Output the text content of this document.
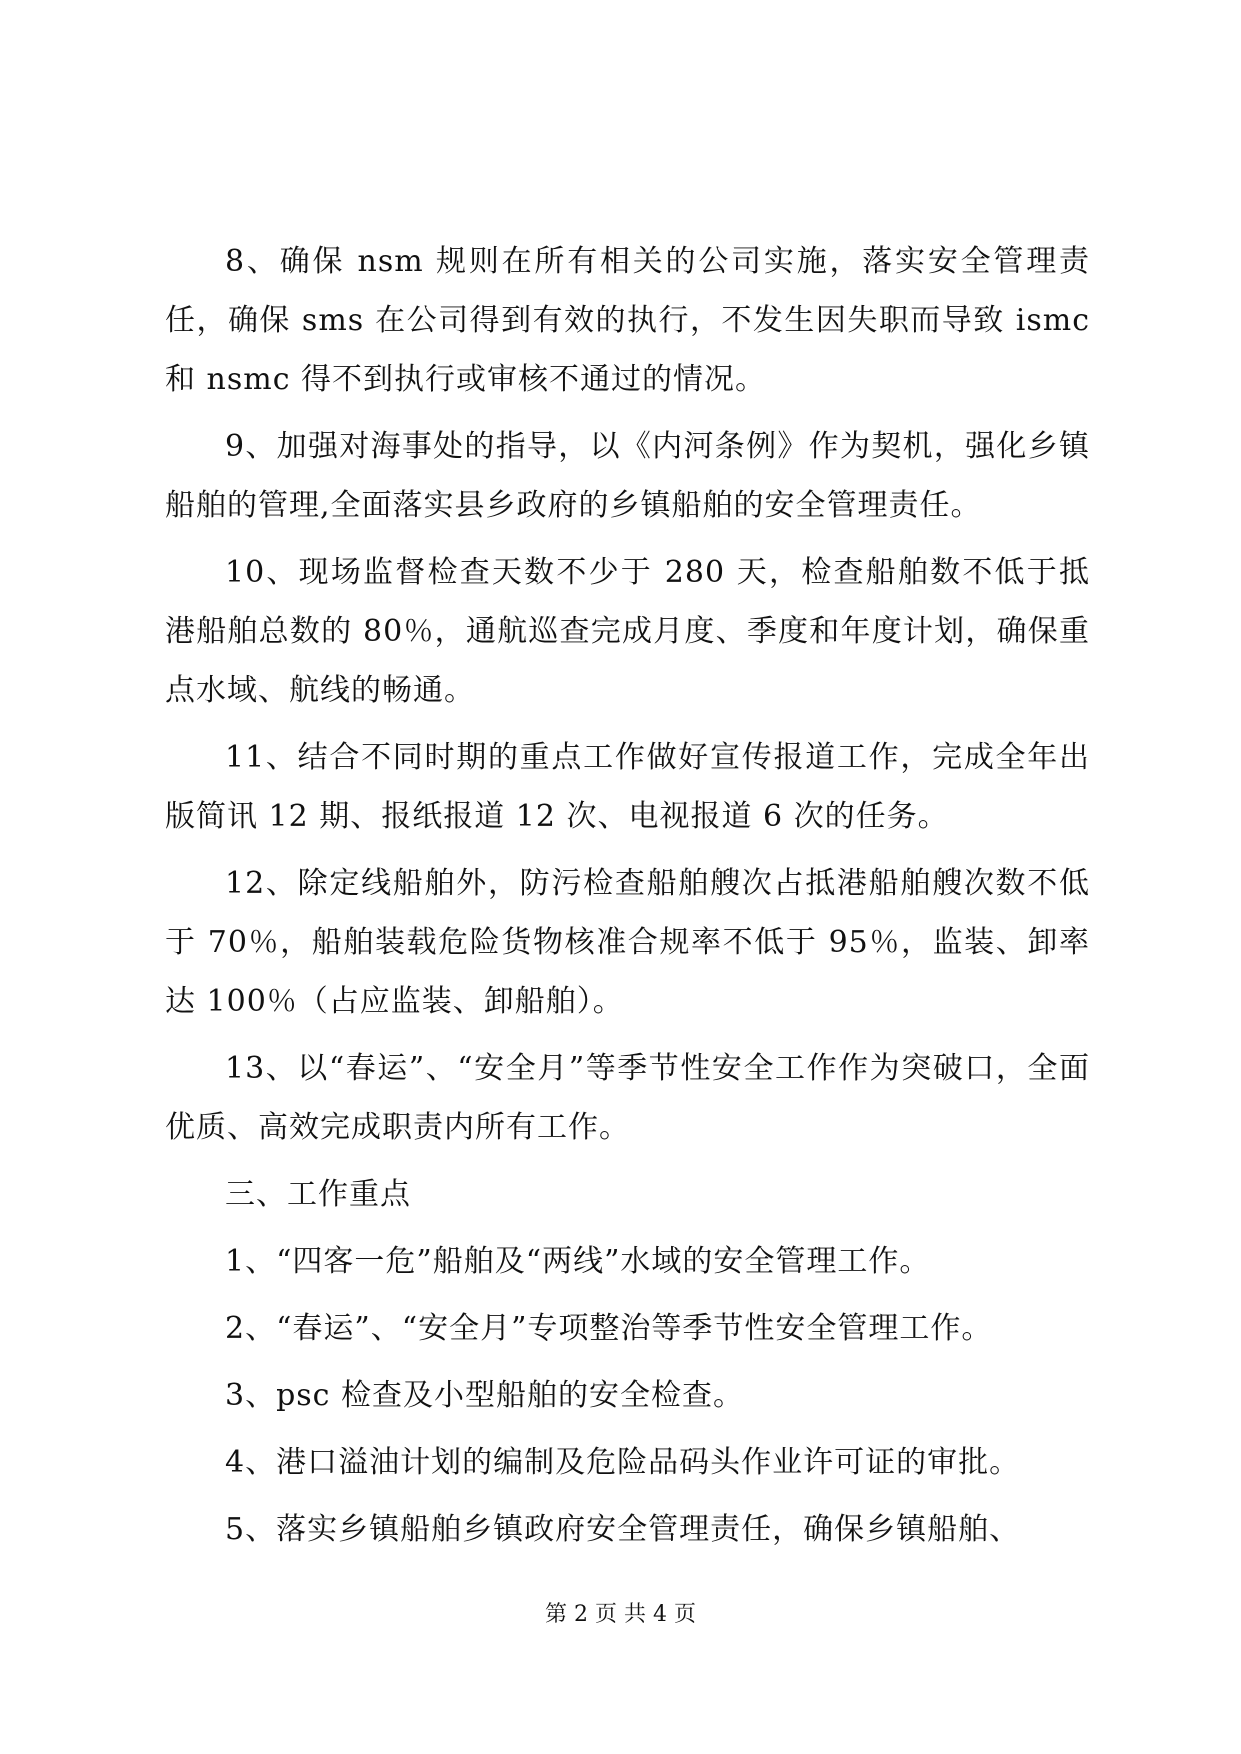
8、确保 nsm 规则在所有相关的公司实施，落实安全管理责任，确保 sms 在公司得到有效的执行，不发生因失职而导致 ismc 和 nsmc 得不到执行或审核不通过的情况。

9、加强对海事处的指导，以《内河条例》作为契机，强化乡镇船舶的管理,全面落实县乡政府的乡镇船舶的安全管理责任。

10、现场监督检查天数不少于 280 天，检查船舶数不低于抵港船舶总数的 80％，通航巡查完成月度、季度和年度计划，确保重点水域、航线的畅通。

11、结合不同时期的重点工作做好宣传报道工作，完成全年出版简讯 12 期、报纸报道 12 次、电视报道 6 次的任务。

12、除定线船舶外，防污检查船舶艘次占抵港船舶艘次数不低于 70％，船舶装载危险货物核准合规率不低于 95％，监装、卸率达 100％（占应监装、卸船舶）。

13、以“春运”、“安全月”等季节性安全工作作为突破口，全面优质、高效完成职责内所有工作。

三、工作重点

1、“四客一危”船舶及“两线”水域的安全管理工作。

2、“春运”、“安全月”专项整治等季节性安全管理工作。

3、psc 检查及小型船舶的安全检查。

4、港口溢油计划的编制及危险品码头作业许可证的审批。

5、落实乡镇船舶乡镇政府安全管理责任，确保乡镇船舶、

第 2 页 共 4 页
